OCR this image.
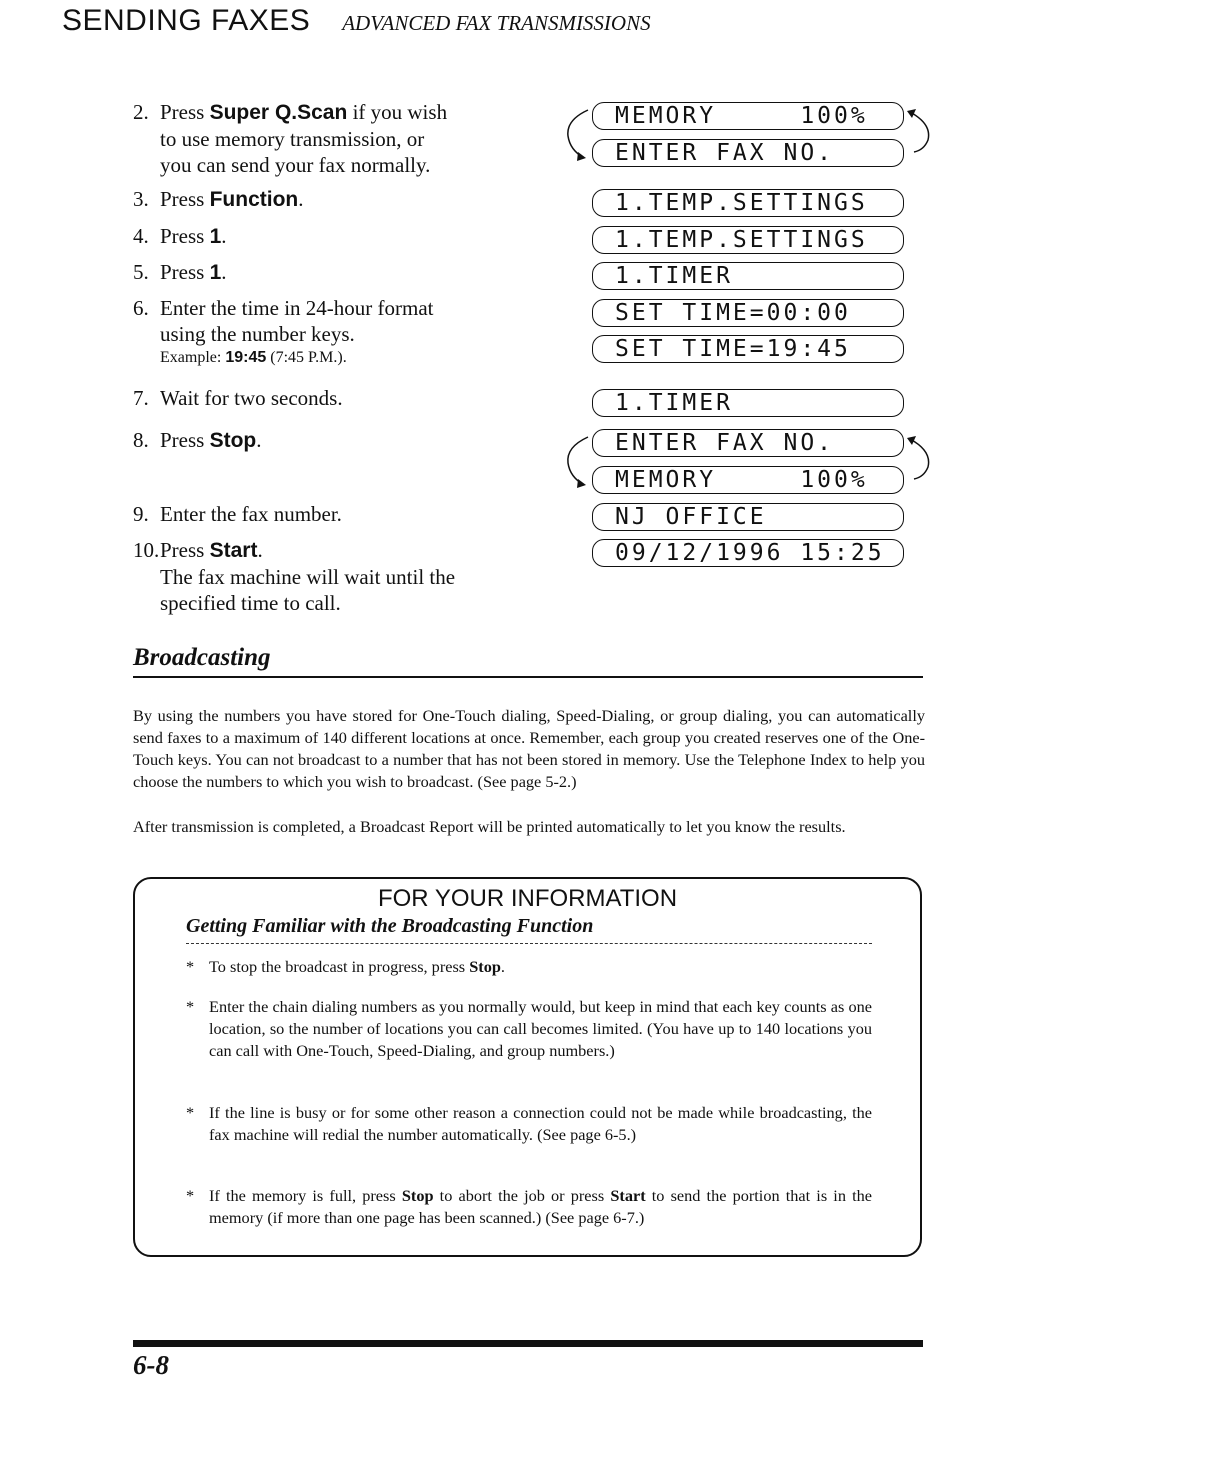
SENDING FAXES ADVANCED FAX TRANSMISSIONS
2. Press Super Q.Scan if you wish
to use memory transmission, or
you can send your fax normally.
3. Press Function.
4. Press 1.
5. Press 1.
6. Enter the time in 24-hour format
using the number keys.
Example: 19:45 (7:45 P.M.).
7. Wait for two seconds.
8. Press Stop.
9. Enter the fax number.
10.Press Start.
The fax machine will wait until the
specified time to call.
MEMORY     100%
ENTER FAX NO.
1.TEMP.SETTINGS
1.TEMP.SETTINGS
1.TIMER
SET TIME=00:00
SET TIME=19:45
1.TIMER
ENTER FAX NO.
MEMORY     100%
NJ OFFICE
09/12/1996 15:25
Broadcasting
By using the numbers you have stored for One-Touch dialing, Speed-Dialing, or group dialing, you can automatically send faxes to a maximum of 140 different locations at once. Remember, each group you created reserves one of the One-Touch keys. You can not broadcast to a number that has not been stored in memory. Use the Telephone Index to help you choose the numbers to which you wish to broadcast. (See page 5-2.)
After transmission is completed, a Broadcast Report will be printed automatically to let you know the results.
FOR YOUR INFORMATION
Getting Familiar with the Broadcasting Function
* To stop the broadcast in progress, press Stop.
* Enter the chain dialing numbers as you normally would, but keep in mind that each key counts as one location, so the number of locations you can call becomes limited. (You have up to 140 locations you can call with One-Touch, Speed-Dialing, and group numbers.)
* If the line is busy or for some other reason a connection could not be made while broadcasting, the fax machine will redial the number automatically. (See page 6-5.)
* If the memory is full, press Stop to abort the job or press Start to send the portion that is in the memory (if more than one page has been scanned.) (See page 6-7.)
6-8
